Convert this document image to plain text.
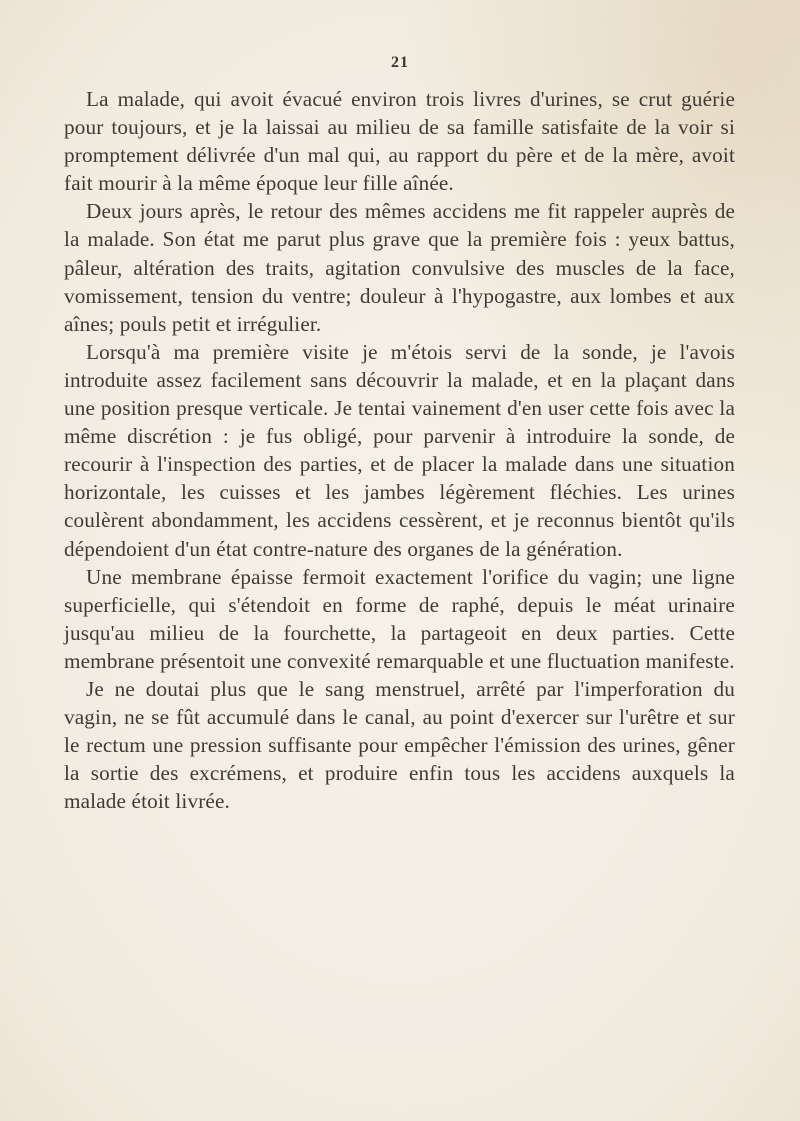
21

La malade, qui avoit évacué environ trois livres d'urines, se crut guérie pour toujours, et je la laissai au milieu de sa famille satisfaite de la voir si promptement délivrée d'un mal qui, au rapport du père et de la mère, avoit fait mourir à la même époque leur fille aînée.

Deux jours après, le retour des mêmes accidens me fit rappeler auprès de la malade. Son état me parut plus grave que la première fois : yeux battus, pâleur, altération des traits, agitation convulsive des muscles de la face, vomissement, tension du ventre; douleur à l'hypogastre, aux lombes et aux aînes; pouls petit et irrégulier.

Lorsqu'à ma première visite je m'étois servi de la sonde, je l'avois introduite assez facilement sans découvrir la malade, et en la plaçant dans une position presque verticale. Je tentai vainement d'en user cette fois avec la même discrétion : je fus obligé, pour parvenir à introduire la sonde, de recourir à l'inspection des parties, et de placer la malade dans une situation horizontale, les cuisses et les jambes légèrement fléchies. Les urines coulèrent abondamment, les accidens cessèrent, et je reconnus bientôt qu'ils dépendoient d'un état contre-nature des organes de la génération.

Une membrane épaisse fermoit exactement l'orifice du vagin; une ligne superficielle, qui s'étendoit en forme de raphé, depuis le méat urinaire jusqu'au milieu de la fourchette, la partageoit en deux parties. Cette membrane présentoit une convexité remarquable et une fluctuation manifeste.

Je ne doutai plus que le sang menstruel, arrêté par l'imperforation du vagin, ne se fût accumulé dans le canal, au point d'exercer sur l'urêtre et sur le rectum une pression suffisante pour empêcher l'émission des urines, gêner la sortie des excrémens, et produire enfin tous les accidens auxquels la malade étoit livrée.
